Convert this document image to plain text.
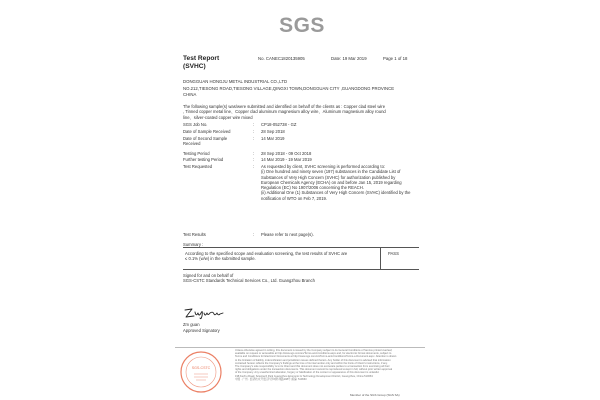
SGS
Test Report
(SVHC)
No. CANEC1820135905	Date: 19 Mar 2019	Page 1 of 18
DONGGUAN HONGJU METAL INDUSTRIAL CO.,LTD
NO.212,TIESONG ROAD,TIESONG VILLAGE,QINGXI TOWN,DONGGUAN CITY ,GUANGDONG PROVINCE
CHINA
The following sample(s) was/were submitted and identified on behalf of the clients as : Copper clad steel wire
, Tinned copper metal line、Copper clad aluminum magnesium alloy wire、Aluminum magnesium alloy round
line、silver-coated copper wire mixed
SGS Job No.	: CP18-052738 - GZ
Date of Sample Received	: 28 Sep 2018
Date of Second Sample
Received
: 14 Mar 2019
Testing Period	: 28 Sep 2018 - 09 Oct 2018
Further testing Period	: 14 Mar 2019 - 19 Mar 2019
Test Requested	: As requested by client, SVHC screening is performed according to:
(i) One hundred and ninety seven (197) substances in the Candidate List of
Substances of Very High Concern (SVHC) for authorization published by
European Chemicals Agency (ECHA) on and before Jan 15, 2019 regarding
Regulation (EC) No 1907/2006 concerning the REACH.
(ii) Additional One (1) Substances of Very High Concern (SVHC) identified by the
notification of WTO on Feb 7, 2019.
Test Results	: Please refer to next page(s).
Summary :
According to the specified scope and evaluation screening, the test results of SVHC are
≤ 0.1% (w/w) in the submitted sample.
PASS
Signed for and on behalf of
SGS-CSTC Standards Technical Services Co., Ltd. Guangzhou Branch
Zm guan
Approved Signatory
SGS-CSTC
Unless otherwise agreed in writing, this document is issued by the Company subject to its General Conditions of Service printed overleaf,
available on request or accessible at http://www.sgs.com/en/Terms-and-Conditions.aspx and, for electronic format documents, subject to
Terms and Conditions for Electronic Documents at http://www.sgs.com/en/Terms-and-Conditions/Terms-e-Document.aspx. Attention is drawn
to the limitation of liability, indemnification and jurisdiction issues defined therein. Any holder of this document is advised that information
contained hereon reflects the Company's findings at the time of its intervention only and within the limits of Client's instructions, if any.
The Company's sole responsibility is to its Client and this document does not exonerate parties to a transaction from exercising all their
rights and obligations under the transaction documents. This document cannot be reproduced except in full, without prior written approval
of the Company. Any unauthorized alteration, forgery or falsification of the content or appearance of this document is unlawful.
198 Kezhu Road, Scientech Park Guangzhou Economic & Technology Development District, Guangzhou, China 510663
中国 · 广州 · 经济技术开发区科学城科珠路198号 邮编: 510663
Member of the SGS Group (SGS SA)
